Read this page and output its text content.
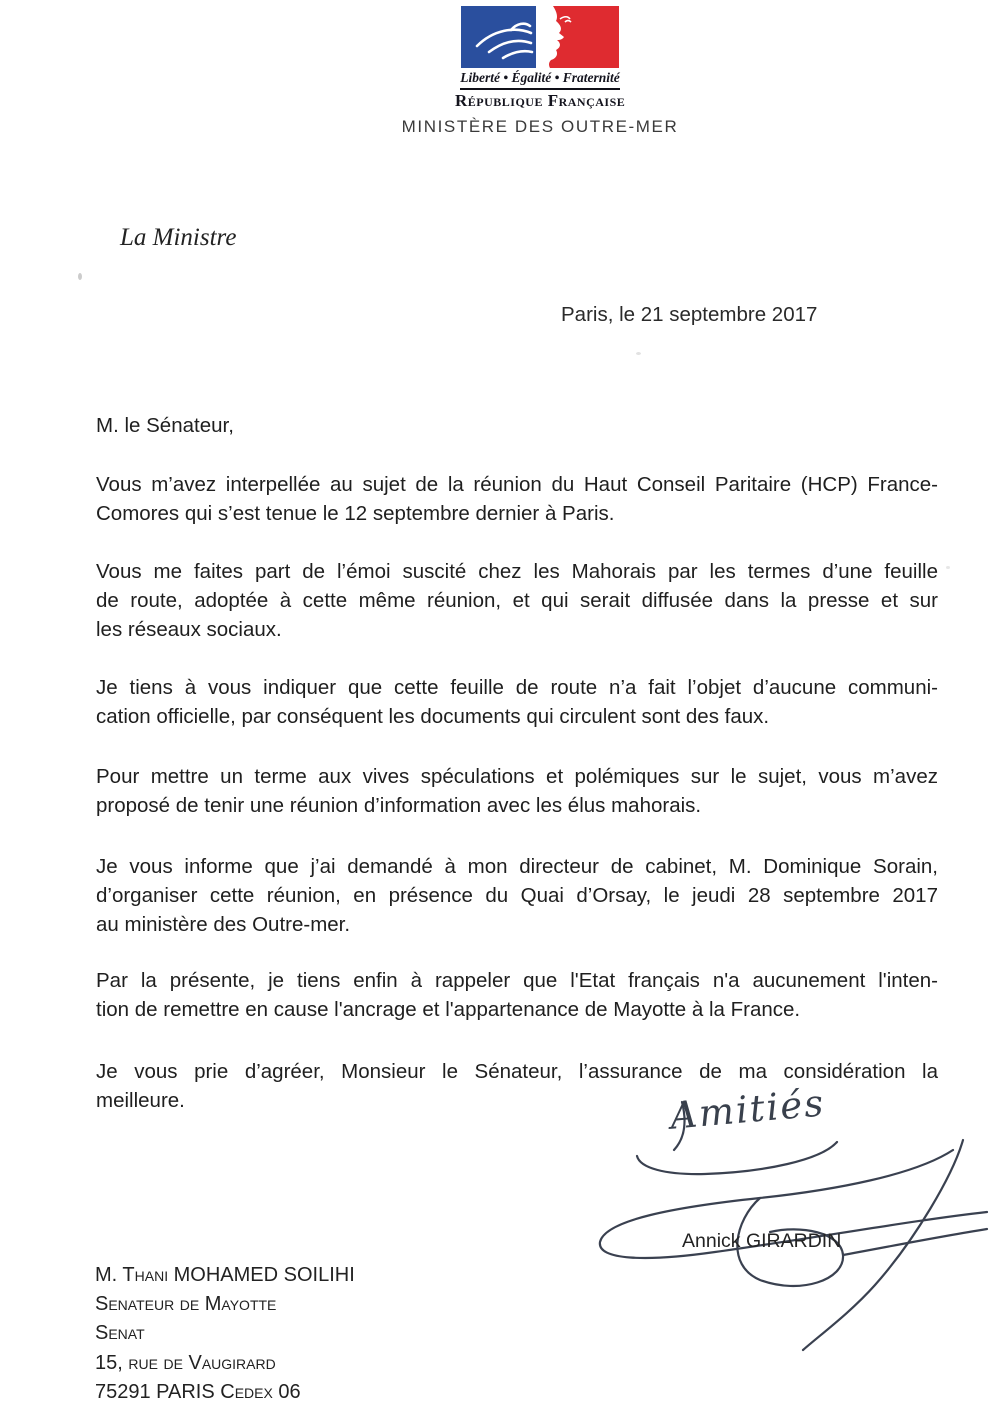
Liberté • Égalité • Fraternité
République Française
MINISTÈRE DES OUTRE-MER
La Ministre
Paris, le 21 septembre 2017
M. le Sénateur,
Vous m’avez interpellée au sujet de la réunion du Haut Conseil Paritaire (HCP) France-
Comores qui s’est tenue le 12 septembre dernier à Paris.
Vous me faites part de l’émoi suscité chez les Mahorais par les termes d’une feuille
de route, adoptée à cette même réunion, et qui serait diffusée dans la presse et sur
les réseaux sociaux.
Je tiens à vous indiquer que cette feuille de route n’a fait l’objet d’aucune communi-
cation officielle, par conséquent les documents qui circulent sont des faux.
Pour mettre un terme aux vives spéculations et polémiques sur le sujet, vous m’avez
proposé de tenir une réunion d’information avec les élus mahorais.
Je vous informe que j’ai demandé à mon directeur de cabinet, M. Dominique Sorain,
d’organiser cette réunion, en présence du Quai d’Orsay, le jeudi 28 septembre 2017
au ministère des Outre-mer.
Par la présente, je tiens enfin à rappeler que l'Etat français n'a aucunement l'inten-
tion de remettre en cause l'ancrage et l'appartenance de Mayotte à la France.
Je vous prie d’agréer, Monsieur le Sénateur, l’assurance de ma considération la
meilleure.	Amitiés
Annick GIRARDIN
M. Thani MOHAMED SOILIHI
Senateur de Mayotte
Senat
15, rue de Vaugirard
75291 PARIS Cedex 06
